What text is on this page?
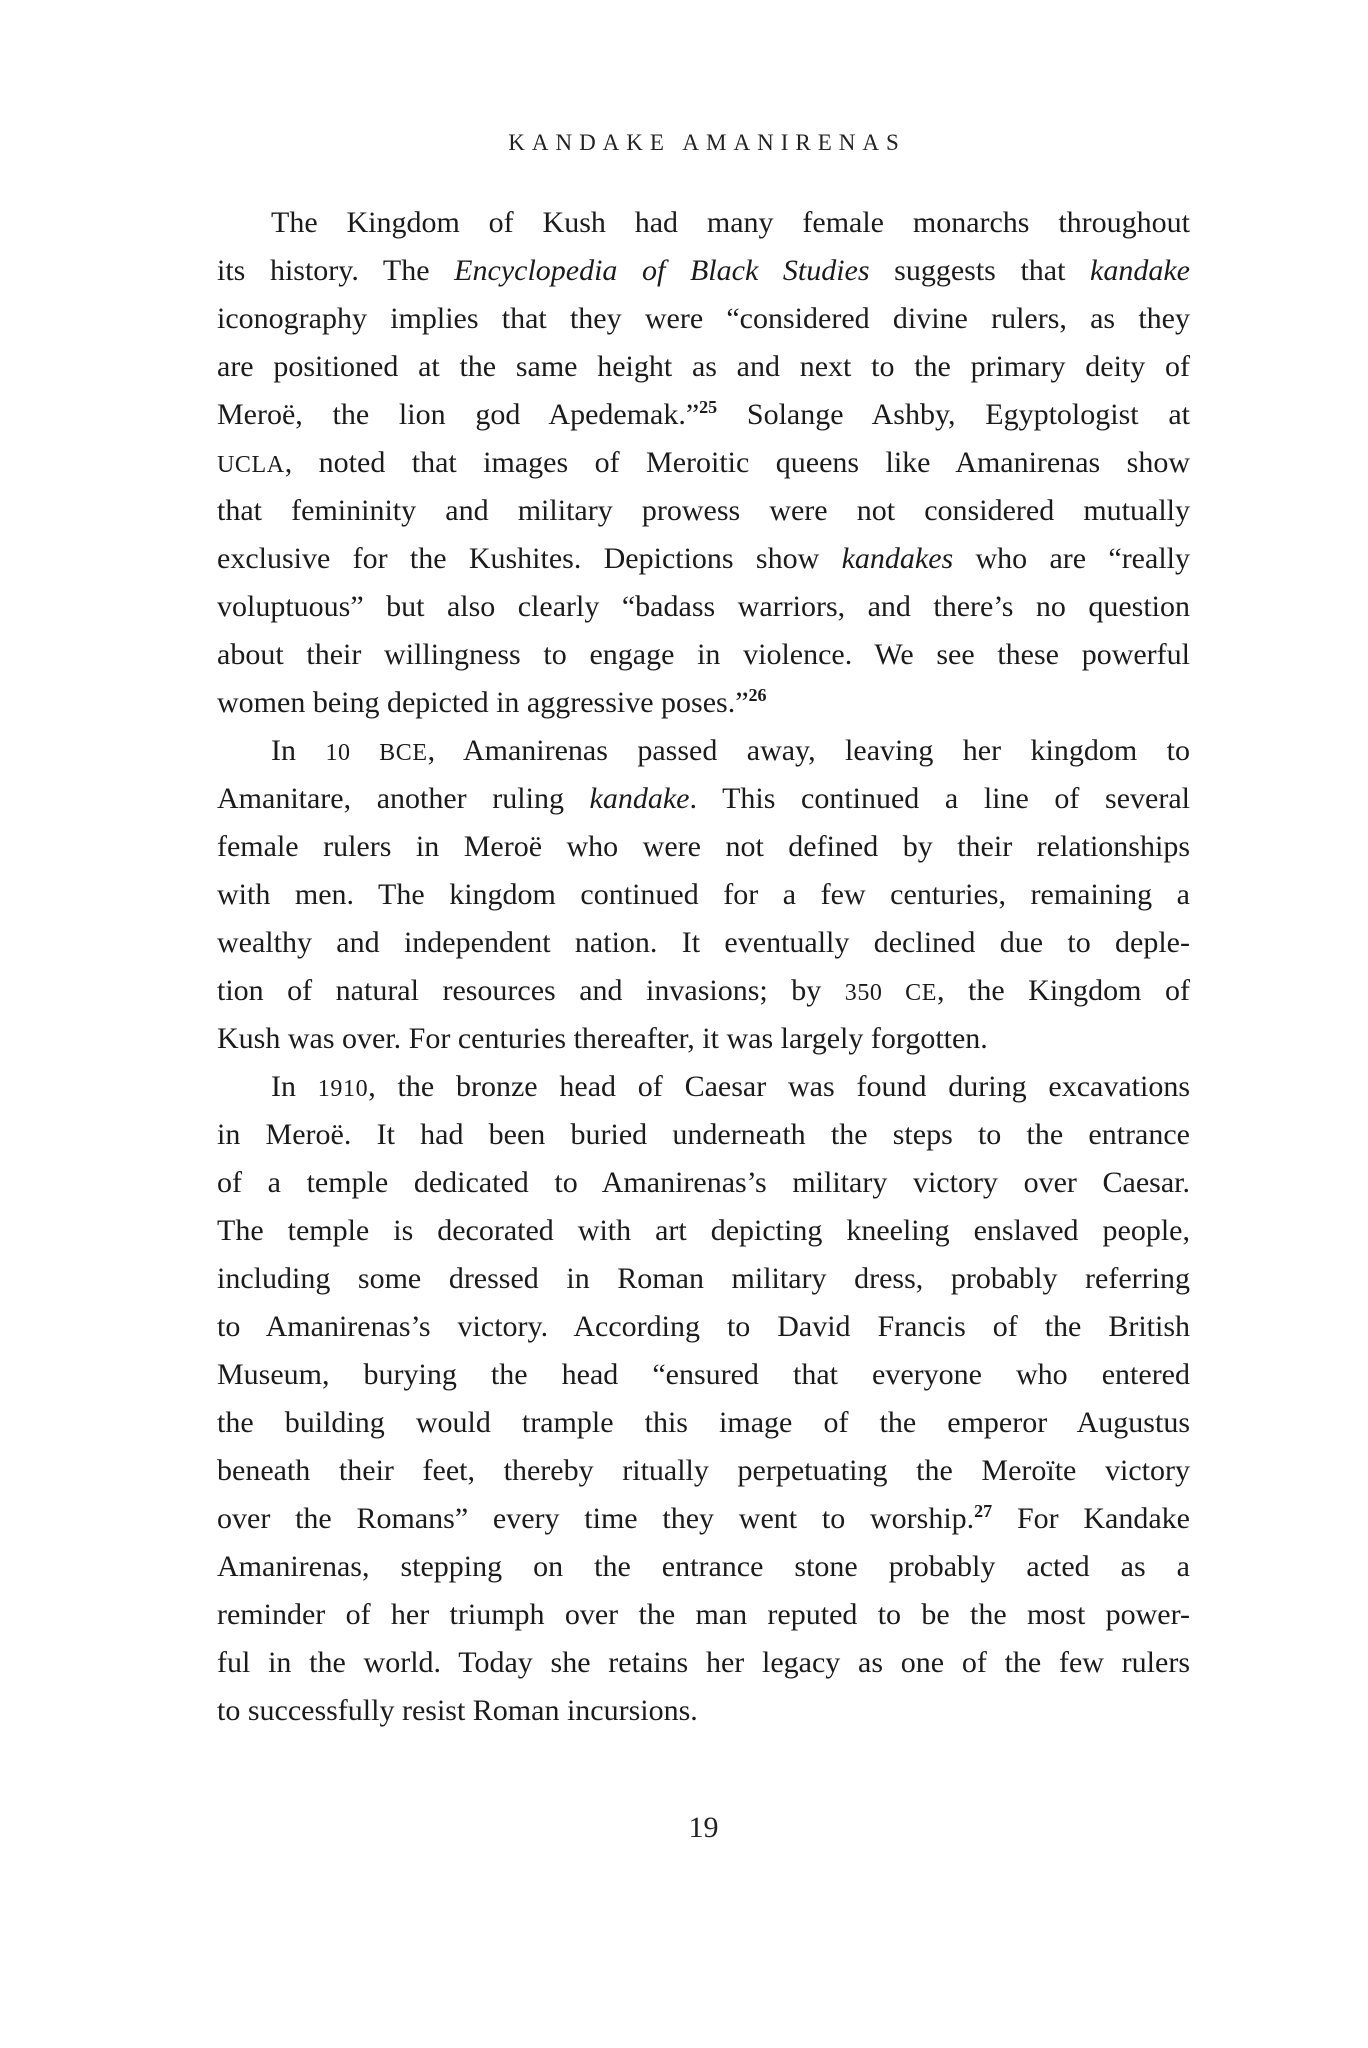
KANDAKE AMANIRENAS
The Kingdom of Kush had many female monarchs throughout
its history. The Encyclopedia of Black Studies suggests that kandake
iconography implies that they were “considered divine rulers, as they
are positioned at the same height as and next to the primary deity of
Meroë, the lion god Apedemak.”$^{25}$ Solange Ashby, Egyptologist at
UCLA, noted that images of Meroitic queens like Amanirenas show
that femininity and military prowess were not considered mutually
exclusive for the Kushites. Depictions show kandakes who are “really
voluptuous” but also clearly “badass warriors, and there’s no question
about their willingness to engage in violence. We see these powerful
women being depicted in aggressive poses.”$^{26}$
In 10 BCE, Amanirenas passed away, leaving her kingdom to
Amanitare, another ruling kandake. This continued a line of several
female rulers in Meroë who were not defined by their relationships
with men. The kingdom continued for a few centuries, remaining a
wealthy and independent nation. It eventually declined due to deple-
tion of natural resources and invasions; by 350 CE, the Kingdom of
Kush was over. For centuries thereafter, it was largely forgotten.
In 1910, the bronze head of Caesar was found during excavations
in Meroë. It had been buried underneath the steps to the entrance
of a temple dedicated to Amanirenas’s military victory over Caesar.
The temple is decorated with art depicting kneeling enslaved people,
including some dressed in Roman military dress, probably referring
to Amanirenas’s victory. According to David Francis of the British
Museum, burying the head “ensured that everyone who entered
the building would trample this image of the emperor Augustus
beneath their feet, thereby ritually perpetuating the Meroïte victory
over the Romans” every time they went to worship.$^{27}$ For Kandake
Amanirenas, stepping on the entrance stone probably acted as a
reminder of her triumph over the man reputed to be the most power-
ful in the world. Today she retains her legacy as one of the few rulers
to successfully resist Roman incursions.
19
